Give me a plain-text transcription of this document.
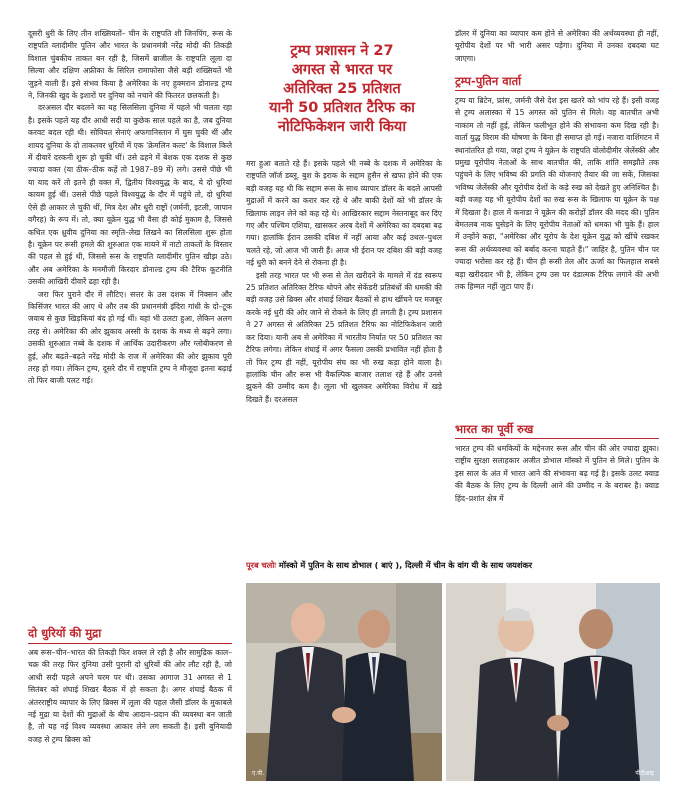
दूसरी धुरी के लिए तीन शख्सियतों– चीन के राष्ट्रपति शी जिनपिंग, रूस के राष्ट्रपति व्लादीमीर पुतिन और भारत के प्रधानमंत्री नरेंद्र मोदी की तिकड़ी विशाल चुंबकीय ताकत बन रही है, जिसमें ब्राजील के राष्ट्रपति लूला दा सिल्वा और दक्षिण अफ्रीका के सिरिल रामाफोसा जैसे बड़ी शख्सियतें भी जुड़ने वाली हैं। इसे संभव किया है अमेरिका के नए हुक्मरान डोनाल्ड ट्रम्प ने, जिनकी खुद के इशारों पर दुनिया को नचाने की फितरत छलकती है।

दरअसल दौर बदलने का यह सिलसिला दुनिया में पहले भी चलता रहा है। इसके पहले यह दौर आधी सदी या कुछेक साल पहले का है, जब दुनिया करवट बदल रही थी। सोवियत सेनाएं अफगानिस्तान में घुस चुकी थीं और शायद दुनिया के दो ताकतवर धुरियों में एक 'क्रेमलिन कल्ट' के विशाल किले में दीवारें दरकनी शुरू हो चुकी थीं। उसे ढहने में बेशक एक दशक से कुछ ज्यादा वक्त (या ठीक–ठीक कहें तो 1987–89 में) लगे। उससे पीछे भी या याद करें तो इतने ही वक्त में, द्वितीय विश्वयुद्ध के बाद, ये दो धुरियां कायम हुई थीं। उससे पीछे पहले विश्वयुद्ध के दौर में पहुंचे तो, दो धुरियां ऐसे ही आकार ले चुकी थीं, मित्र देश और धुरी राष्ट्रों (जर्मनी, इटली, जापान वगैरह) के रूप में। तो, क्या यूक्रेन युद्ध भी वैसा ही कोई मुकाम है, जिससे कथित एक ध्रुवीय दुनिया का स्मृति–लेख लिखने का सिलसिला शुरू होता है। यूक्रेन पर रूसी हमले की शुरुआत एक मायने में नाटो ताकतों के विस्तार की पहल से हुई थी, जिससे रूस के राष्ट्रपति व्लादीमीर पुतिन खीझ उठे। और अब अमेरिका के मनमौजी किरदार डोनाल्ड ट्रम्प की टैरिफ कूटनीति उसकी आखिरी दीवारें ढहा रही है।

जरा फिर पुराने दौर में लौटिए। सत्तर के उस दशक में निक्सन और किसिंजर भारत की आए थे और तब की प्रधानमंत्री इंदिरा गांधी के दो–टूक जवाब से कुछ खिड़कियां बंद हो गई थीं। यहां भी उलटा हुआ, लेकिन अलग तरह से। अमेरिका की ओर झुकाव अस्सी के दशक के मध्य से बढ़ने लगा। उसकी शुरुआत नब्बे के दशक में आर्थिक उदारीकरण और ग्लोबीकरण से हुई, और बढ़ते–बढ़ते नरेंद्र मोदी के राज में अमेरिका की ओर झुकाव पूरी तरह हो गया। लेकिन ट्रम्प, दूसरे दौर में राष्ट्रपति ट्रम्प ने मौजूदा इतना बढ़ाई तो फिर बाजी पलट गई।

दो धुरियों की मुद्रा

अब रूस–चीन–भारत की तिकड़ी फिर शक्ल ले रही है और सामुद्रिक काल–चक्र की तरह फिर दुनिया उसी पुरानी दो धुरियों की ओर लौट रही है, जो आधी सदी पहले अपने चरम पर थी। उसका आगाज 31 अगस्त से 1 सितंबर को शंघाई शिखर बैठक में हो सकता है। अगर शंघाई बैठक में अंतरराष्ट्रीय व्यापार के लिए ब्रिक्स में लूला की पहल जैसी डॉलर के मुकाबले नई मुद्रा या देशों की मुद्राओं के बीच आदान–प्रदान की व्यवस्था बन जाती है, तो यह नई विश्व व्यवस्था आकार लेने लग सकती है। इसी बुनियादी वजह से ट्रम्प ब्रिक्स को

ट्रम्प प्रशासन ने 27
अगस्त से भारत पर
अतिरिक्त 25 प्रतिशत
यानी 50 प्रतिशत टैरिफ का
नोटिफिकेशन जारी किया

मरा हुआ बताते रहे हैं। इसके पहले भी नब्बे के दशक में अमेरिका के राष्ट्रपति जॉर्ज डब्लू. बुश के इराक के सद्दाम हुसैन से खफा होने की एक बड़ी वजह यह थी कि सद्दाम रूस के साथ व्यापार डॉलर के बदले आपसी मुद्राओं में करने का करार कर रहे थे और बाकी देशों को भी डॉलर के खिलाफ लाइन लेने को कह रहे थे। आखिरकार सद्दाम नेस्तनाबूद कर दिए गए और पश्चिम एशिया, खासकर अरब देशों में अमेरिका का दबदबा बढ़ गया। हालांकि ईरान उसकी दबिश में नहीं आया और कई उथल–पुथल चलते रहे, जो आज भी जारी हैं। आज भी ईरान पर दबिश की बड़ी वजह नई धुरी को बनने देने से रोकना ही है।

इसी तरह भारत पर भी रूस से तेल खरीदने के मामले में दंड स्वरूप 25 प्रतिशत अतिरिक्त टैरिफ थोपने और सेकेंडरी प्रतिबंधों की धमकी की बड़ी वजह उसे ब्रिक्स और शंघाई शिखर बैठकों से हाथ खींचने पर मजबूर करके नई धुरी की ओर जाने से रोकने के लिए ही लगती है। ट्रम्प प्रशासन ने 27 अगस्त से अतिरिक्त 25 प्रतिशत टैरिफ का नोटिफिकेशन जारी कर दिया। यानी अब से अमेरिका में भारतीय निर्यात पर 50 प्रतिशत का टैरिफ लगेगा। लेकिन शंघाई में अगर फैसला उसकी प्रभावित नहीं होता है तो फिर ट्रम्प ही नहीं, यूरोपीय संघ का भी रुख कड़ा होने वाला है। हालांकि चीन और रूस भी वैकल्पिक बाजार तलाश रहे हैं और उनसे झुकने की उम्मीद कम है। लूला भी खुलकर अमेरिका विरोध में खड़े दिखते हैं। दरअसल

डॉलर में दुनिया का व्यापार कम होने से अमेरिका की अर्थव्यवस्था ही नहीं, यूरोपीय देशों पर भी भारी असर पड़ेगा। दुनिया में उनका दबदबा घट जाएगा।

ट्रम्प-पुतिन वार्ता

ट्रम्प या ब्रिटेन, फ्रांस, जर्मनी जैसे देश इस खतरे को भांप रहे हैं। इसी वजह से ट्रम्प अलास्का में 15 अगस्त को पुतिन से मिले। वह बातचीत अभी नाकाम तो नहीं हुई, लेकिन फलीभूत होने की संभावना कम दिख रही है। वार्ता युद्ध विराम की घोषणा के बिना ही समाप्त हो गई। नजारा वाशिंगटन में स्थानांतरित हो गया, जहां ट्रम्प ने यूक्रेन के राष्ट्रपति वोलोदीमीर जेलेंस्की और प्रमुख यूरोपीय नेताओं के साथ बातचीत की, ताकि शांति समझौते तक पहुंचने के लिए भविष्य की प्रगति की योजनाएं तैयार की जा सकें, जिसका भविष्य जेलेंस्की और यूरोपीय देशों के कड़े रुख को देखते हुए अनिश्चित है। बड़ी वजह यह भी यूरोपीय देशों का रुख रूस के खिलाफ या यूक्रेन के पक्ष में दिखता है। हाल में कनाडा ने यूक्रेन की करोड़ों डॉलर की मदद की। पुतिन बेमतलब नाक घुसेड़ने के लिए यूरोपीय नेताओं को धमका भी चुके हैं। हाल में उन्होंने कहा, "अमेरिका और यूरोप के देश यूक्रेन युद्ध को खींचे रखकर रूस की अर्थव्यवस्था को बर्बाद करना चाहते हैं।" जाहिर है, पुतिन चीन पर ज्यादा भरोसा कर रहे हैं। चीन ही रूसी तेल और ऊर्जा का फिलहाल सबसे बड़ा खरीददार भी है, लेकिन ट्रम्प उस पर दंडात्मक टैरिफ लगाने की अभी तक हिम्मत नहीं जुटा पाए हैं।

भारत का पूर्वी रुख

भारत ट्रम्प की धमकियों के मद्देनजर रूस और चीन की ओर ज्यादा झुका। राष्ट्रीय सुरक्षा सलाहकार अजीत डोभाल मॉस्को में पुतिन से मिले। पुतिन के इस साल के अंत में भारत आने की संभावना बढ़ गई है। इसके उलट क्वाड की बैठक के लिए ट्रम्प के दिल्ली आने की उम्मीद न के बराबर है। क्वाड हिंद–प्रशांत क्षेत्र में

पूरब चलोः मॉस्को में पुतिन के साथ डोभाल ( बाएं ), दिल्ली में चीन के वांग यी के साथ जयशंकर
ए.पी.	पीटीआइ
